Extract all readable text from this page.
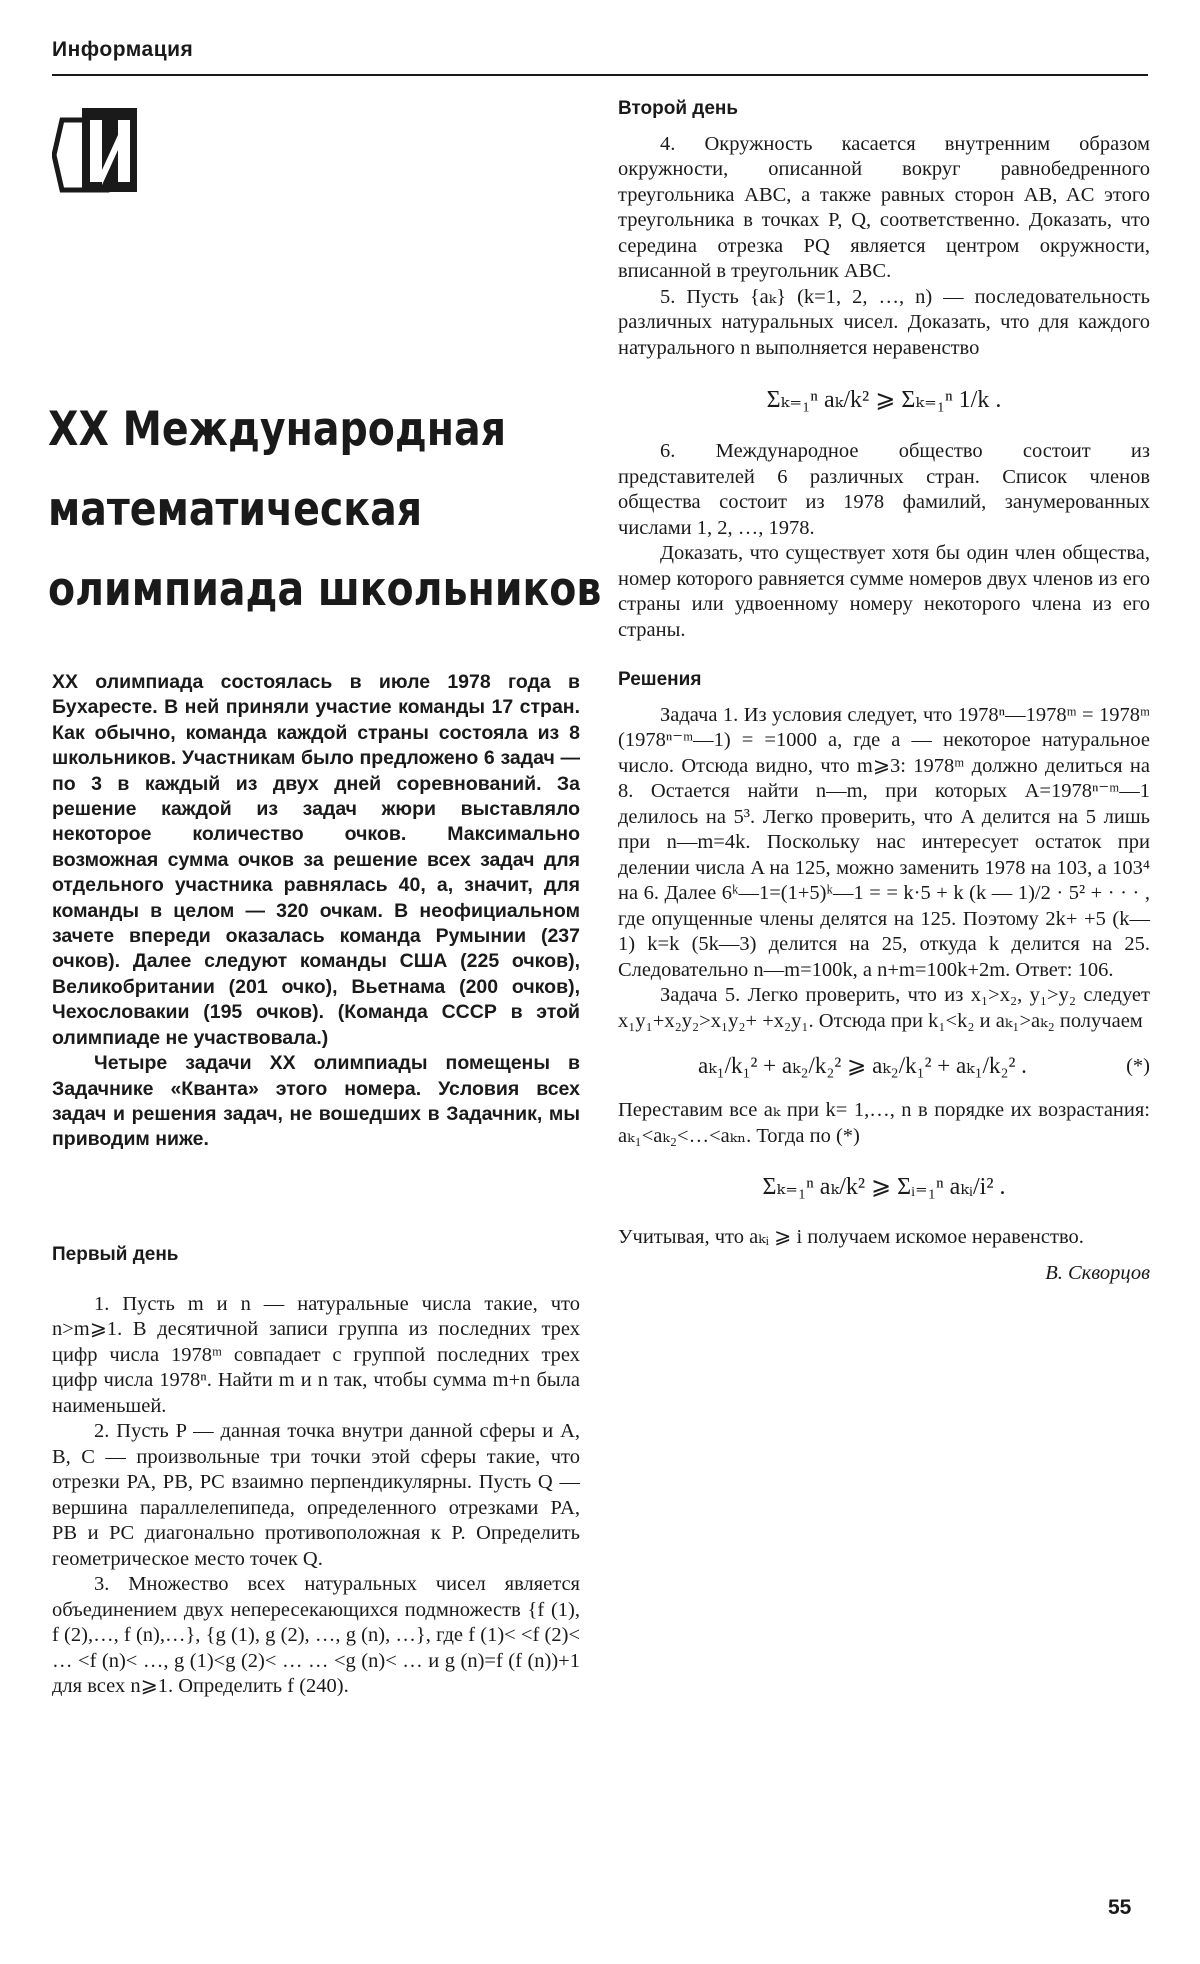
Информация
XX Международная
математическая
олимпиада школьников

XX олимпиада состоялась в июле 1978 года в Бухаресте. В ней приняли участие команды 17 стран. Как обычно, команда каждой страны состояла из 8 школьников. Участникам было предложено 6 задач — по 3 в каждый из двух дней соревнований. За решение каждой из задач жюри выставляло некоторое количество очков. Максимально возможная сумма очков за решение всех задач для отдельного участника равнялась 40, а, значит, для команды в целом — 320 очкам. В неофициальном зачете впереди оказалась команда Румынии (237 очков). Далее следуют команды США (225 очков), Великобритании (201 очко), Вьетнама (200 очков), Чехословакии (195 очков). (Команда СССР в этой олимпиаде не участвовала.)

Четыре задачи XX олимпиады помещены в Задачнике «Кванта» этого номера. Условия всех задач и решения задач, не вошедших в Задачник, мы приводим ниже.

Первый день

1. Пусть m и n — натуральные числа такие, что n>m⩾1. В десятичной записи группа из последних трех цифр числа 1978ᵐ совпадает с группой последних трех цифр числа 1978ⁿ. Найти m и n так, чтобы сумма m+n была наименьшей.

2. Пусть P — данная точка внутри данной сферы и A, B, C — произвольные три точки этой сферы такие, что отрезки PA, PB, PC взаимно перпендикулярны. Пусть Q — вершина параллелепипеда, определенного отрезками PA, PB и PC диагонально противоположная к P. Определить геометрическое место точек Q.

3. Множество всех натуральных чисел является объединением двух непересекающихся подмножеств {f (1), f (2),…, f (n),…}, {g (1), g (2), …, g (n), …}, где f (1)< <f (2)< … <f (n)< …, g (1)<g (2)< … … <g (n)< … и g (n)=f (f (n))+1 для всех n⩾1. Определить f (240).

Второй день

4. Окружность касается внутренним образом окружности, описанной вокруг равнобедренного треугольника ABC, а также равных сторон AB, AC этого треугольника в точках P, Q, соответственно. Доказать, что середина отрезка PQ является центром окружности, вписанной в треугольник ABC.

5. Пусть {aₖ} (k=1, 2, …, n) — последовательность различных натуральных чисел. Доказать, что для каждого натурального n выполняется неравенство

Σₖ₌₁ⁿ aₖ/k² ⩾ Σₖ₌₁ⁿ 1/k .

6. Международное общество состоит из представителей 6 различных стран. Список членов общества состоит из 1978 фамилий, занумерованных числами 1, 2, …, 1978.

Доказать, что существует хотя бы один член общества, номер которого равняется сумме номеров двух членов из его страны или удвоенному номеру некоторого члена из его страны.

Решения

Задача 1. Из условия следует, что 1978ⁿ—1978ᵐ = 1978ᵐ (1978ⁿ⁻ᵐ—1) = =1000 a, где a — некоторое натуральное число. Отсюда видно, что m⩾3: 1978ᵐ должно делиться на 8. Остается найти n—m, при которых A=1978ⁿ⁻ᵐ—1 делилось на 5³. Легко проверить, что A делится на 5 лишь при n—m=4k. Поскольку нас интересует остаток при делении числа A на 125, можно заменить 1978 на 103, а 103⁴ на 6. Далее 6ᵏ—1=(1+5)ᵏ—1 = = k·5 + k (k — 1)/2 · 5² + · · · , где опущенные члены делятся на 125. Поэтому 2k+ +5 (k—1) k=k (5k—3) делится на 25, откуда k делится на 25. Следовательно n—m=100k, а n+m=100k+2m. Ответ: 106.

Задача 5. Легко проверить, что из x₁>x₂, y₁>y₂ следует x₁y₁+x₂y₂>x₁y₂+ +x₂y₁. Отсюда при k₁<k₂ и aₖ₁>aₖ₂ получаем

aₖ₁/k₁² + aₖ₂/k₂² ⩾ aₖ₂/k₁² + aₖ₁/k₂² .	(*)

Переставим все aₖ при k= 1,…, n в порядке их возрастания: aₖ₁<aₖ₂<…<aₖₙ. Тогда по (*)

Σₖ₌₁ⁿ aₖ/k² ⩾ Σᵢ₌₁ⁿ aₖᵢ/i² .

Учитывая, что aₖᵢ ⩾ i получаем искомое неравенство.

В. Скворцов
55
